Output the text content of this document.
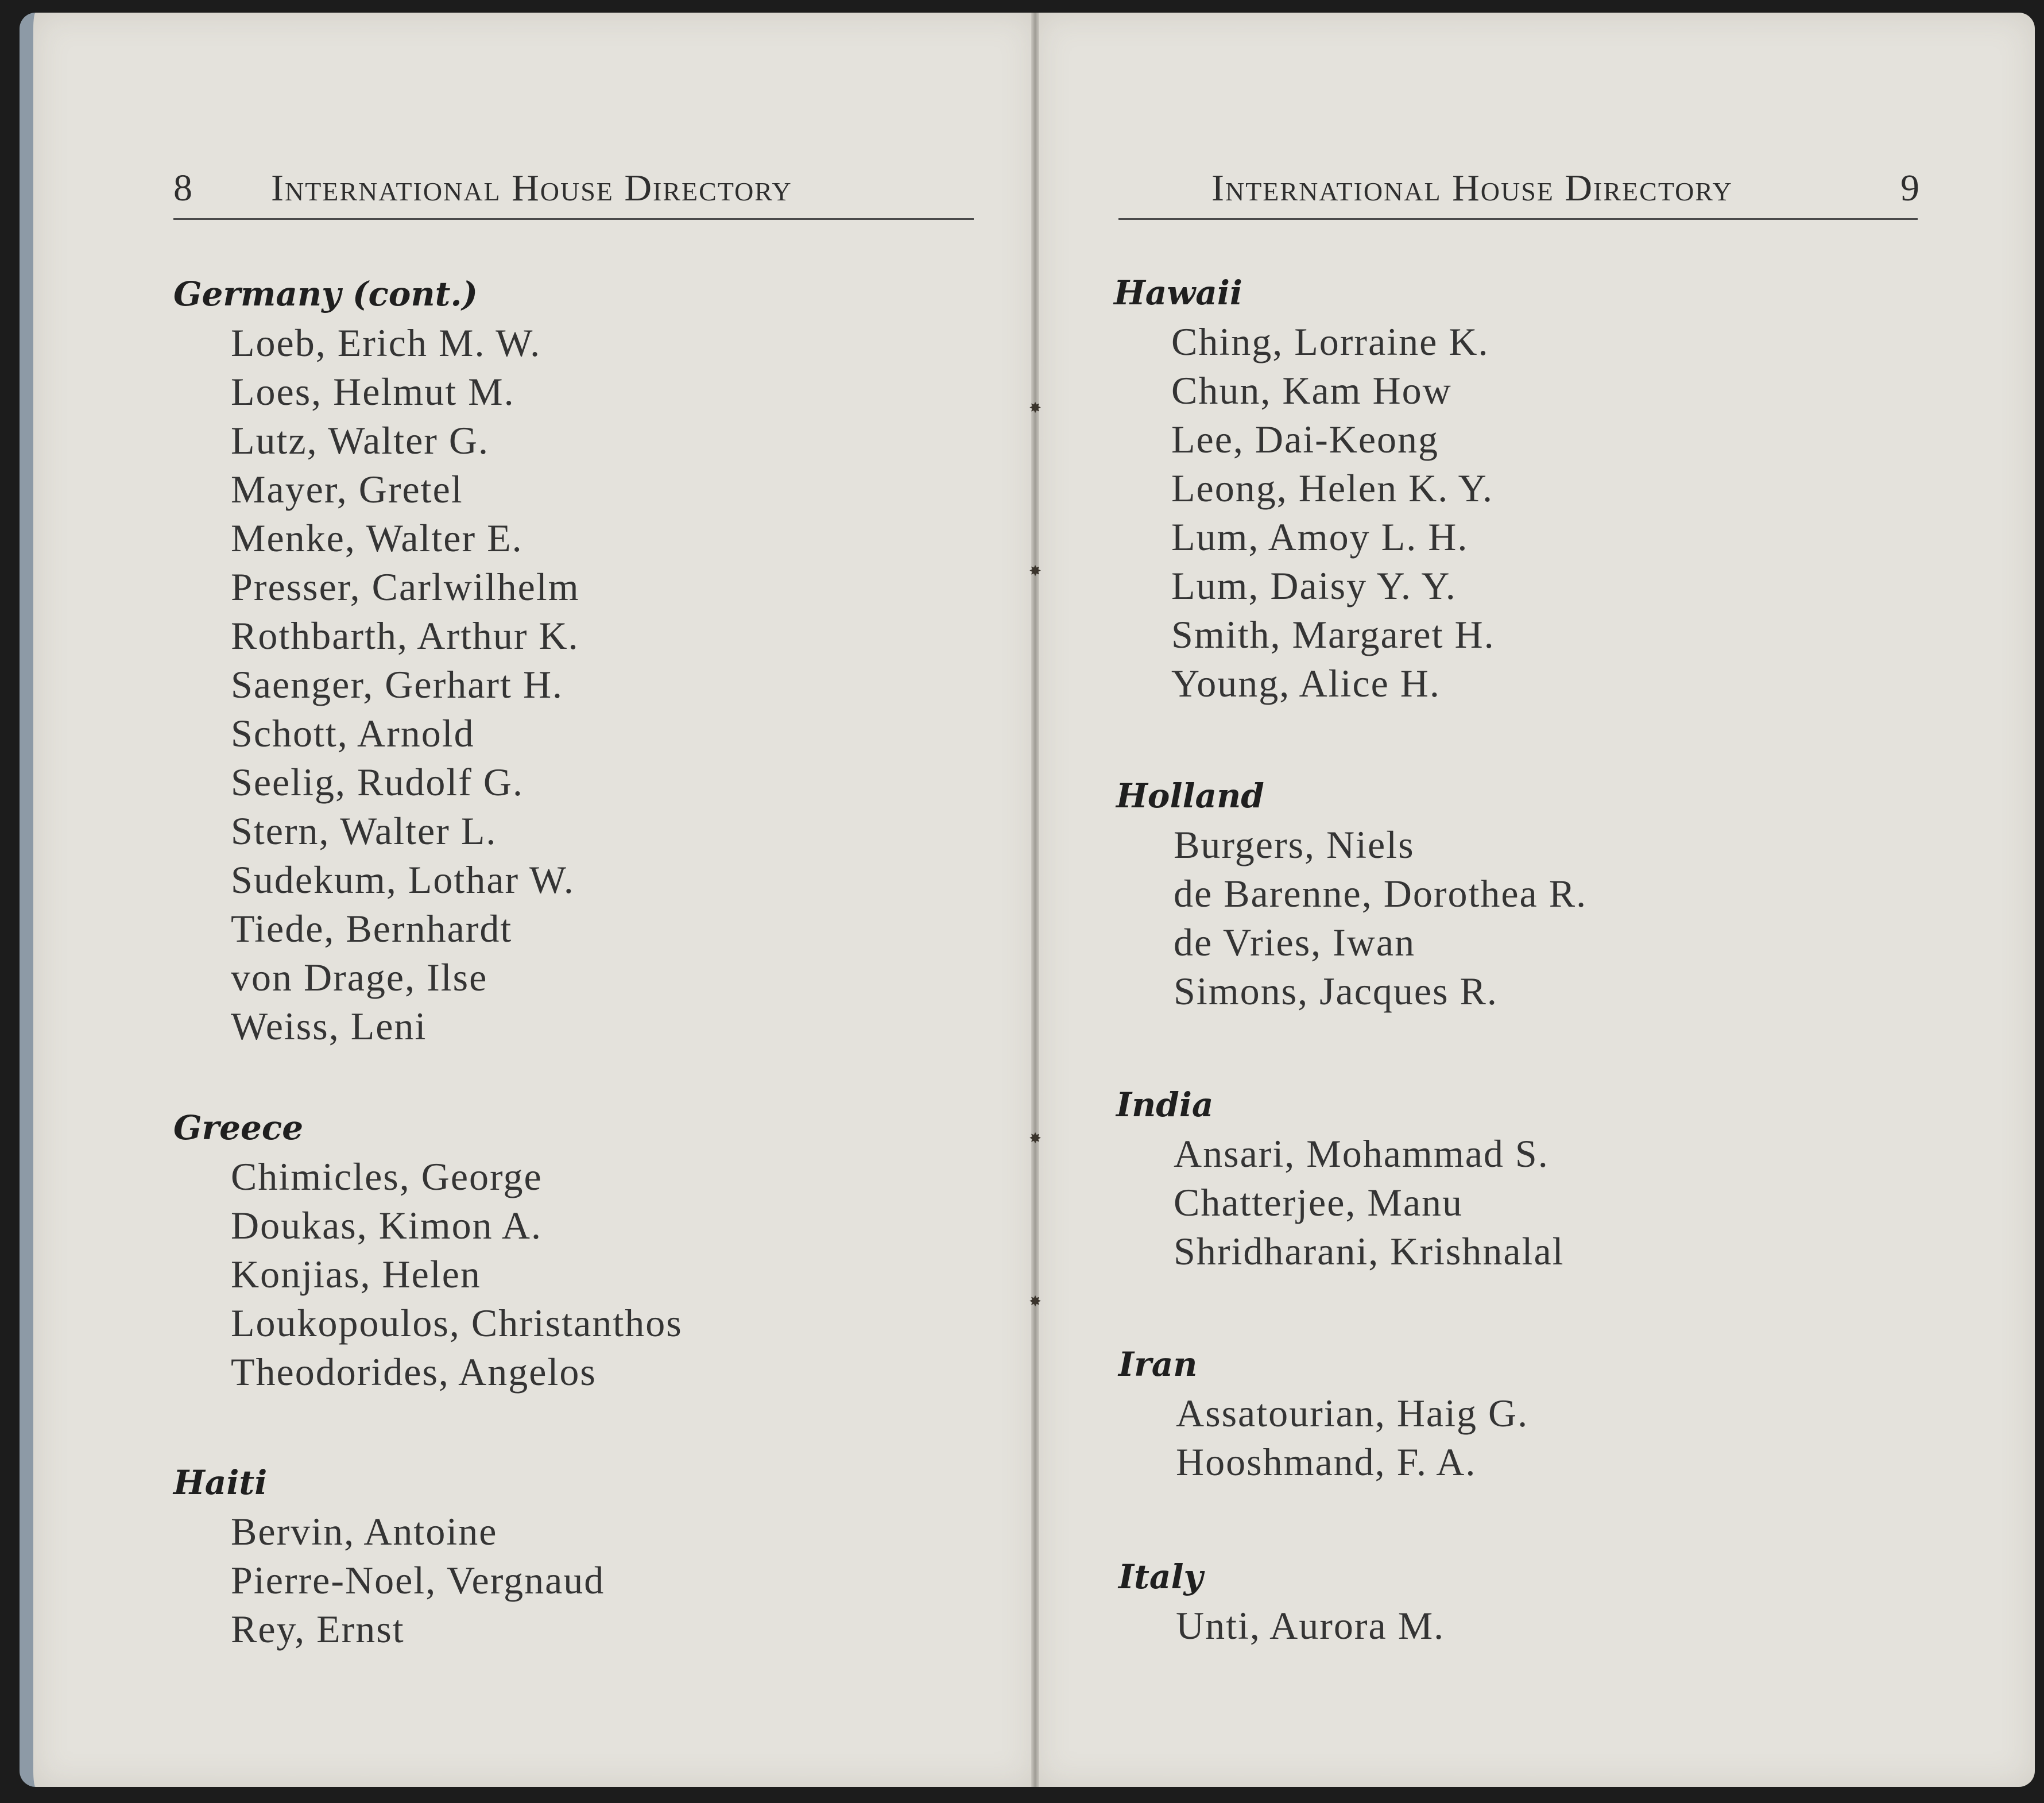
8 International House Directory
Germany (cont.)
Loeb, Erich M. W.
Loes, Helmut M.
Lutz, Walter G.
Mayer, Gretel
Menke, Walter E.
Presser, Carlwilhelm
Rothbarth, Arthur K.
Saenger, Gerhart H.
Schott, Arnold
Seelig, Rudolf G.
Stern, Walter L.
Sudekum, Lothar W.
Tiede, Bernhardt
von Drage, Ilse
Weiss, Leni
Greece
Chimicles, George
Doukas, Kimon A.
Konjias, Helen
Loukopoulos, Christanthos
Theodorides, Angelos
Haiti
Bervin, Antoine
Pierre-Noel, Vergnaud
Rey, Ernst
International House Directory	9
Hawaii
Ching, Lorraine K.
Chun, Kam How
Lee, Dai-Keong
Leong, Helen K. Y.
Lum, Amoy L. H.
Lum, Daisy Y. Y.
Smith, Margaret H.
Young, Alice H.
Holland
Burgers, Niels
de Barenne, Dorothea R.
de Vries, Iwan
Simons, Jacques R.
India
Ansari, Mohammad S.
Chatterjee, Manu
Shridharani, Krishnalal
Iran
Assatourian, Haig G.
Hooshmand, F. A.
Italy
Unti, Aurora M.
✸
✸
✸
✸
